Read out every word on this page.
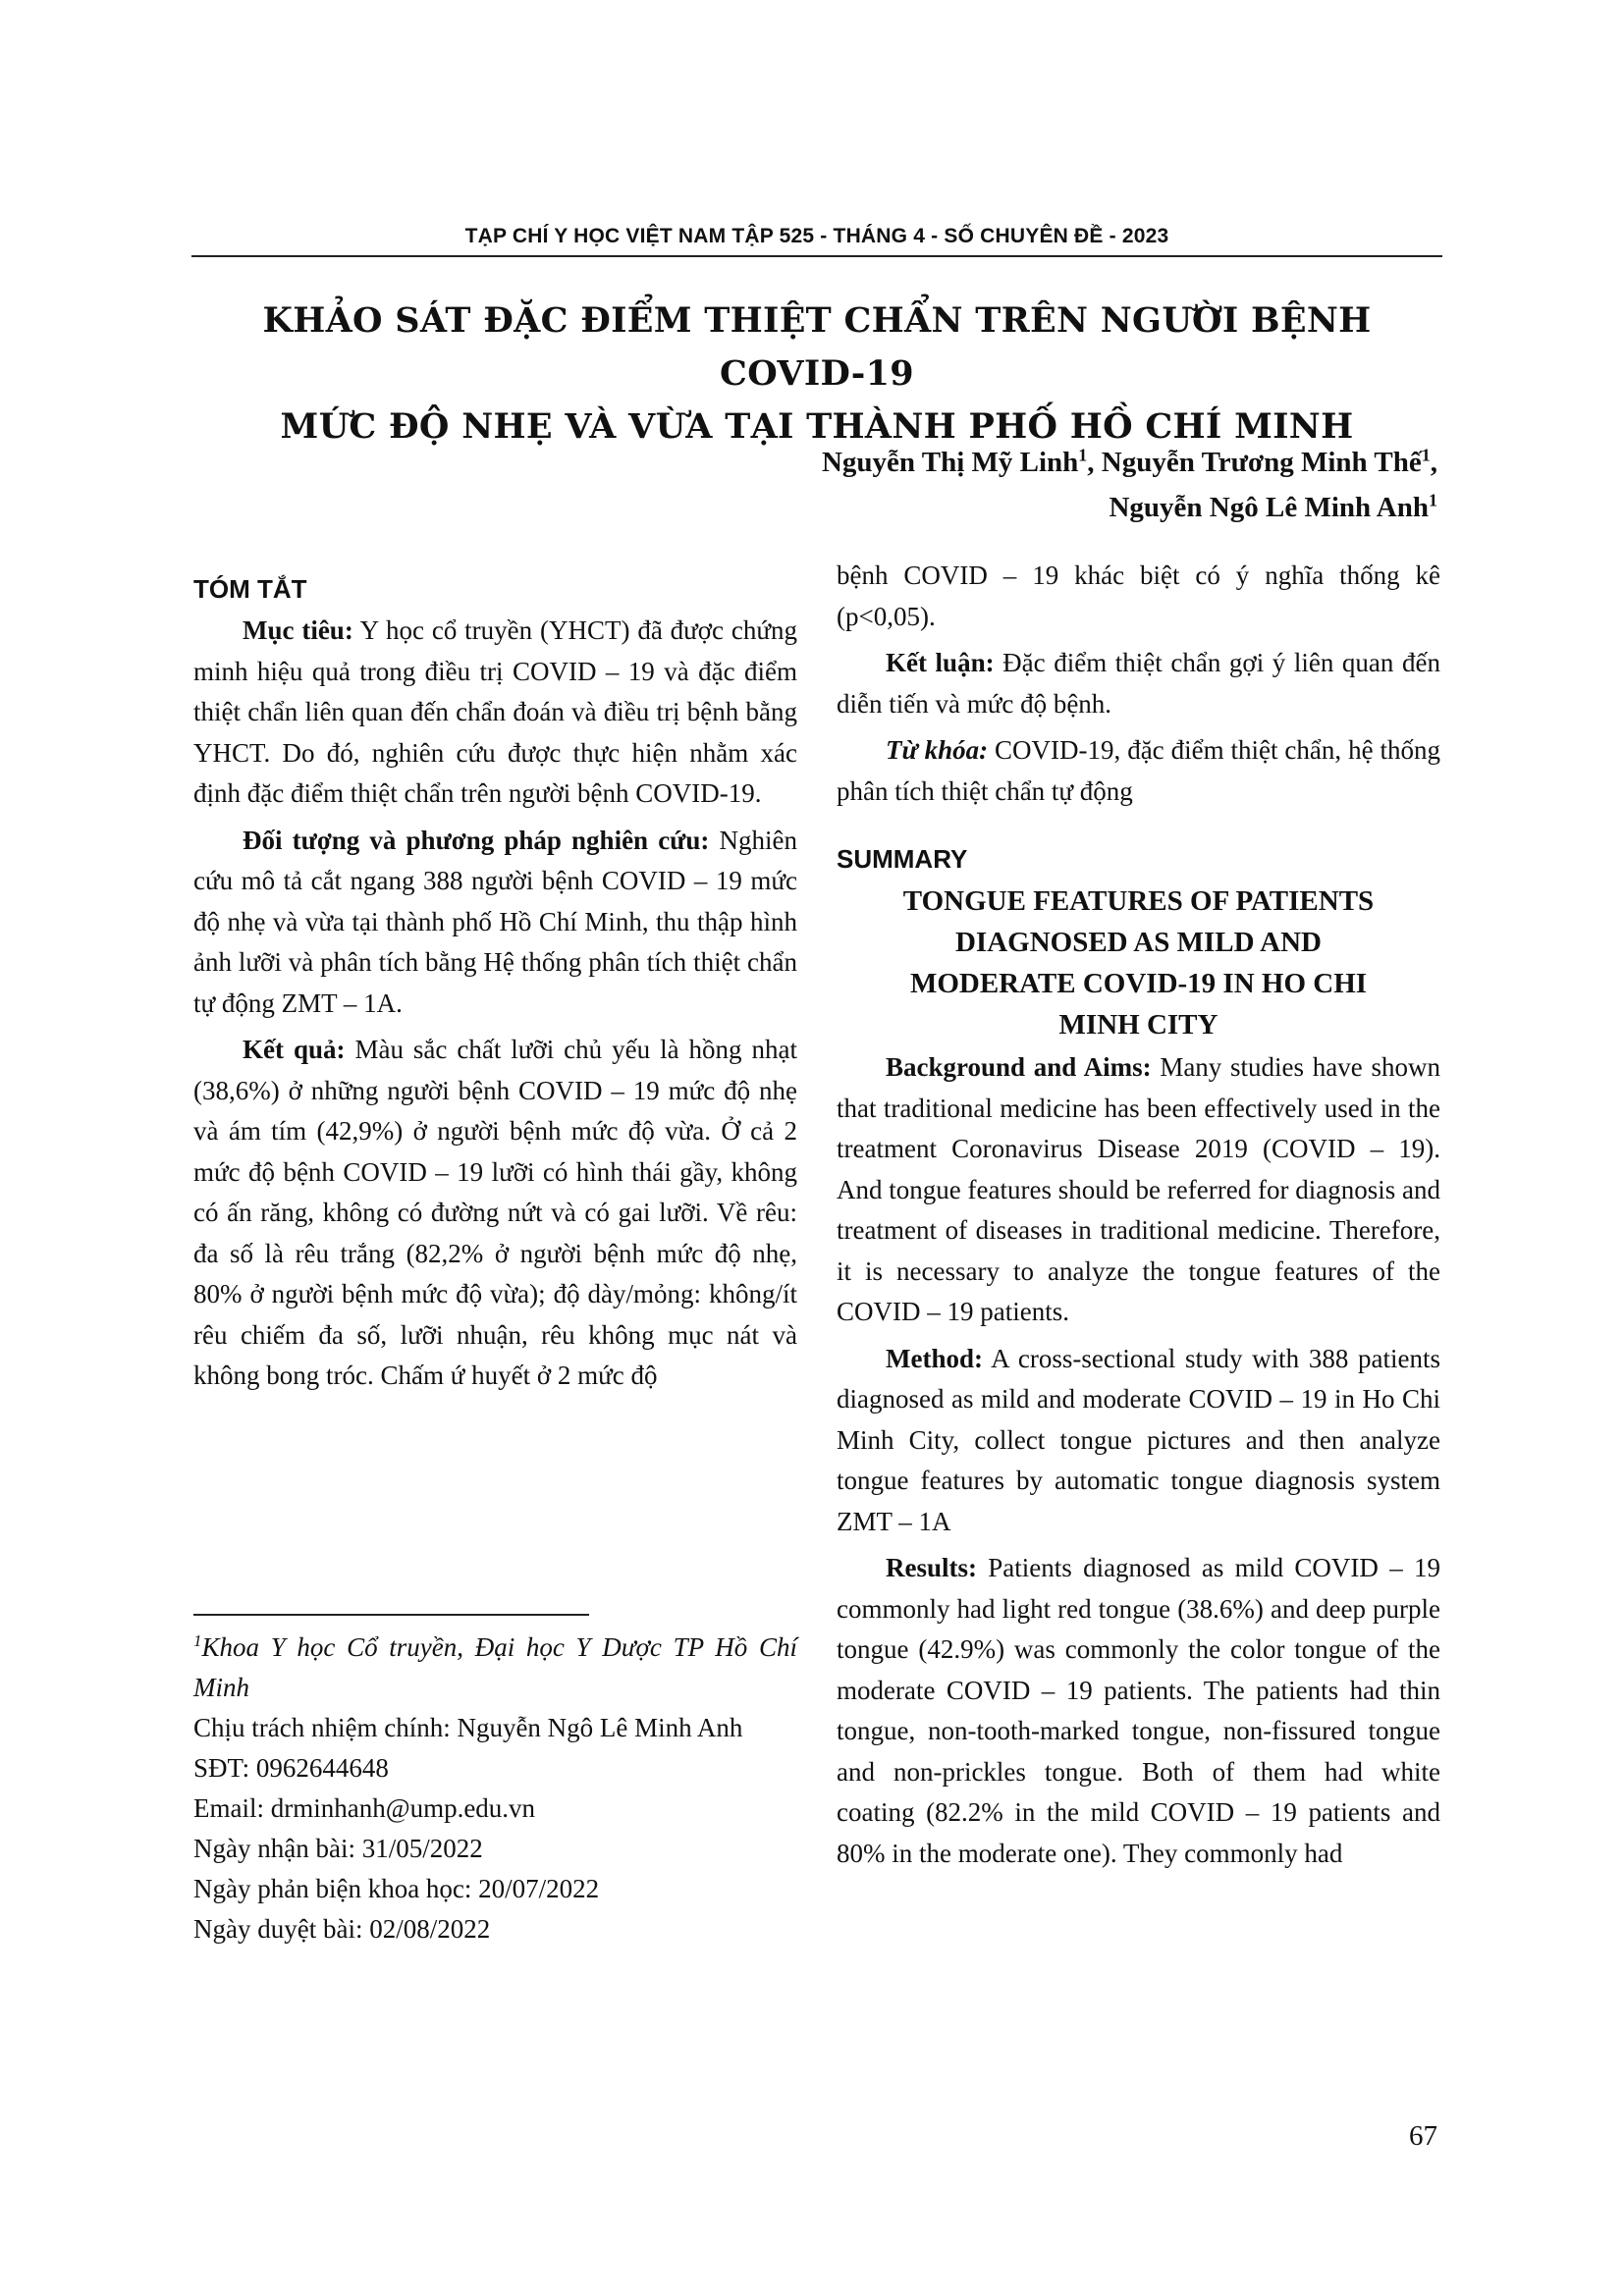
TẠP CHÍ Y HỌC VIỆT NAM TẬP 525 - THÁNG 4 - SỐ CHUYÊN ĐỀ - 2023
KHẢO SÁT ĐẶC ĐIỂM THIỆT CHẨN TRÊN NGƯỜI BỆNH COVID-19
MỨC ĐỘ NHẸ VÀ VỪA TẠI THÀNH PHỐ HỒ CHÍ MINH
Nguyễn Thị Mỹ Linh$^1$, Nguyễn Trương Minh Thế$^1$,
Nguyễn Ngô Lê Minh Anh$^1$
TÓM TẮT

Mục tiêu: Y học cổ truyền (YHCT) đã được chứng minh hiệu quả trong điều trị COVID – 19 và đặc điểm thiệt chẩn liên quan đến chẩn đoán và điều trị bệnh bằng YHCT. Do đó, nghiên cứu được thực hiện nhằm xác định đặc điểm thiệt chẩn trên người bệnh COVID-19.

Đối tượng và phương pháp nghiên cứu: Nghiên cứu mô tả cắt ngang 388 người bệnh COVID – 19 mức độ nhẹ và vừa tại thành phố Hồ Chí Minh, thu thập hình ảnh lưỡi và phân tích bằng Hệ thống phân tích thiệt chẩn tự động ZMT – 1A.

Kết quả: Màu sắc chất lưỡi chủ yếu là hồng nhạt (38,6%) ở những người bệnh COVID – 19 mức độ nhẹ và ám tím (42,9%) ở người bệnh mức độ vừa. Ở cả 2 mức độ bệnh COVID – 19 lưỡi có hình thái gầy, không có ấn răng, không có đường nứt và có gai lưỡi. Về rêu: đa số là rêu trắng (82,2% ở người bệnh mức độ nhẹ, 80% ở người bệnh mức độ vừa); độ dày/mỏng: không/ít rêu chiếm đa số, lưỡi nhuận, rêu không mục nát và không bong tróc. Chấm ứ huyết ở 2 mức độ

bệnh COVID – 19 khác biệt có ý nghĩa thống kê (p<0,05).

Kết luận: Đặc điểm thiệt chẩn gợi ý liên quan đến diễn tiến và mức độ bệnh.

Từ khóa: COVID-19, đặc điểm thiệt chẩn, hệ thống phân tích thiệt chẩn tự động

SUMMARY
TONGUE FEATURES OF PATIENTS
DIAGNOSED AS MILD AND
MODERATE COVID-19 IN HO CHI
MINH CITY

Background and Aims: Many studies have shown that traditional medicine has been effectively used in the treatment Coronavirus Disease 2019 (COVID – 19). And tongue features should be referred for diagnosis and treatment of diseases in traditional medicine. Therefore, it is necessary to analyze the tongue features of the COVID – 19 patients.

Method: A cross-sectional study with 388 patients diagnosed as mild and moderate COVID – 19 in Ho Chi Minh City, collect tongue pictures and then analyze tongue features by automatic tongue diagnosis system ZMT – 1A

Results: Patients diagnosed as mild COVID – 19 commonly had light red tongue (38.6%) and deep purple tongue (42.9%) was commonly the color tongue of the moderate COVID – 19 patients. The patients had thin tongue, non-tooth-marked tongue, non-fissured tongue and non-prickles tongue. Both of them had white coating (82.2% in the mild COVID – 19 patients and 80% in the moderate one). They commonly had

$^1$Khoa Y học Cổ truyền, Đại học Y Dược TP Hồ Chí Minh
Chịu trách nhiệm chính: Nguyễn Ngô Lê Minh Anh
SĐT: 0962644648
Email: drminhanh@ump.edu.vn
Ngày nhận bài: 31/05/2022
Ngày phản biện khoa học: 20/07/2022
Ngày duyệt bài: 02/08/2022
67
